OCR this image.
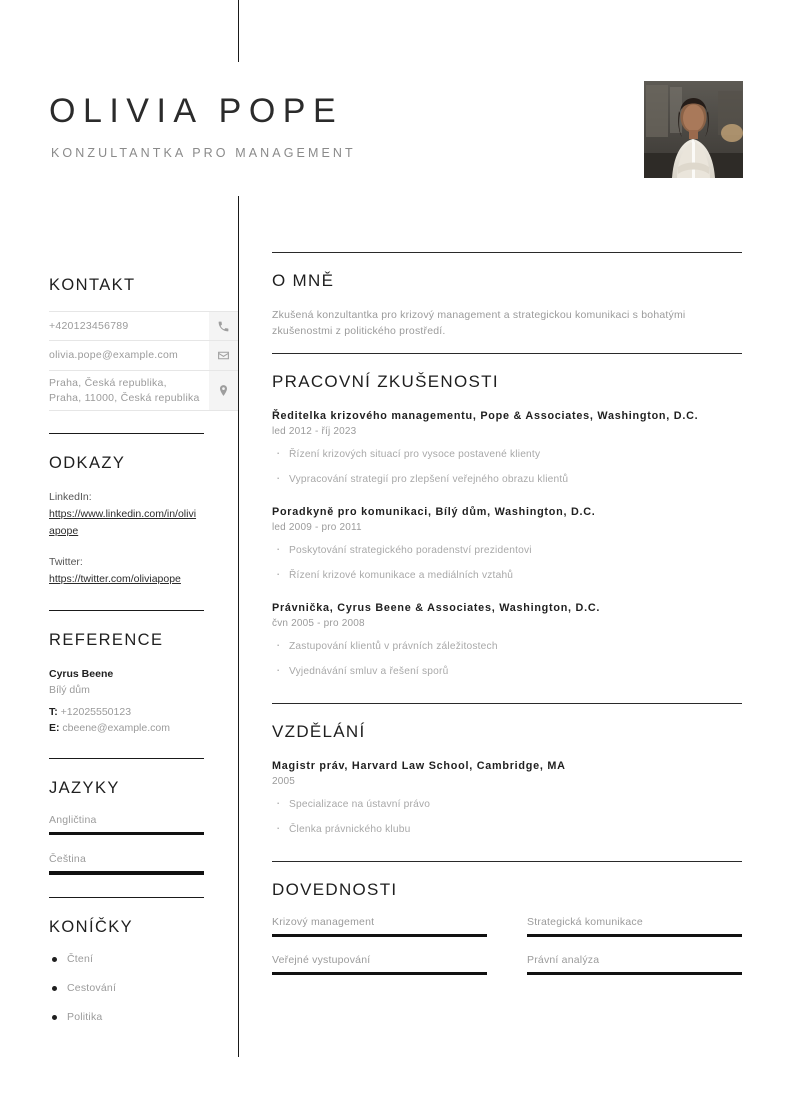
OLIVIA POPE
KONZULTANTKA PRO MANAGEMENT
KONTAKT
+420123456789
olivia.pope@example.com
Praha, Česká republika,
Praha, 11000, Česká republika
ODKAZY
LinkedIn:
https://www.linkedin.com/in/oliviapope
Twitter:
https://twitter.com/oliviapope
REFERENCE
Cyrus Beene
Bílý dům
T: +12025550123
E: cbeene@example.com
JAZYKY
Angličtina
Čeština
KONÍČKY
Čtení
Cestování
Politika
O MNĚ
Zkušená konzultantka pro krizový management a strategickou komunikaci s bohatými zkušenostmi z politického prostředí.
PRACOVNÍ ZKUŠENOSTI
Ředitelka krizového managementu, Pope & Associates, Washington, D.C.
led 2012 - říj 2023
· Řízení krizových situací pro vysoce postavené klienty
· Vypracování strategií pro zlepšení veřejného obrazu klientů
Poradkyně pro komunikaci, Bílý dům, Washington, D.C.
led 2009 - pro 2011
· Poskytování strategického poradenství prezidentovi
· Řízení krizové komunikace a mediálních vztahů
Právnička, Cyrus Beene & Associates, Washington, D.C.
čvn 2005 - pro 2008
· Zastupování klientů v právních záležitostech
· Vyjednávání smluv a řešení sporů
VZDĚLÁNÍ
Magistr práv, Harvard Law School, Cambridge, MA
2005
· Specializace na ústavní právo
· Členka právnického klubu
DOVEDNOSTI
Krizový management	Strategická komunikace
Veřejné vystupování	Právní analýza
